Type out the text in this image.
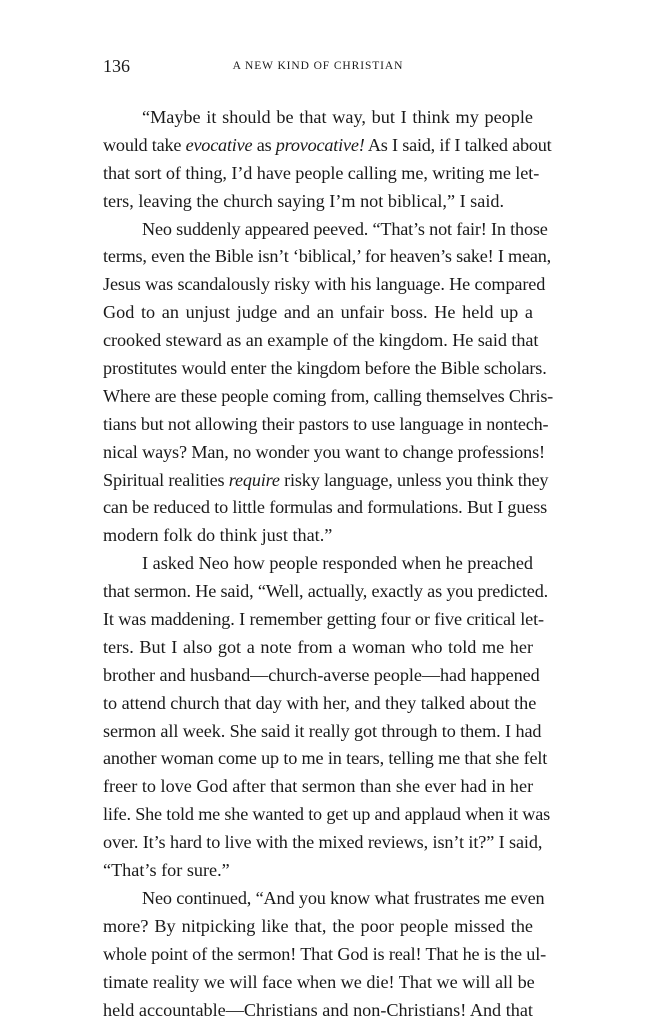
136	A NEW KIND OF CHRISTIAN
“Maybe it should be that way, but I think my people
would take evocative as provocative! As I said, if I talked about
that sort of thing, I’d have people calling me, writing me let-
ters, leaving the church saying I’m not biblical,” I said.
Neo suddenly appeared peeved. “That’s not fair! In those
terms, even the Bible isn’t ‘biblical,’ for heaven’s sake! I mean,
Jesus was scandalously risky with his language. He compared
God to an unjust judge and an unfair boss. He held up a
crooked steward as an example of the kingdom. He said that
prostitutes would enter the kingdom before the Bible scholars.
Where are these people coming from, calling themselves Chris-
tians but not allowing their pastors to use language in nontech-
nical ways? Man, no wonder you want to change professions!
Spiritual realities require risky language, unless you think they
can be reduced to little formulas and formulations. But I guess
modern folk do think just that.”
I asked Neo how people responded when he preached
that sermon. He said, “Well, actually, exactly as you predicted.
It was maddening. I remember getting four or five critical let-
ters. But I also got a note from a woman who told me her
brother and husband—church-averse people—had happened
to attend church that day with her, and they talked about the
sermon all week. She said it really got through to them. I had
another woman come up to me in tears, telling me that she felt
freer to love God after that sermon than she ever had in her
life. She told me she wanted to get up and applaud when it was
over. It’s hard to live with the mixed reviews, isn’t it?” I said,
“That’s for sure.”
Neo continued, “And you know what frustrates me even
more? By nitpicking like that, the poor people missed the
whole point of the sermon! That God is real! That he is the ul-
timate reality we will face when we die! That we will all be
held accountable—Christians and non-Christians! And that
